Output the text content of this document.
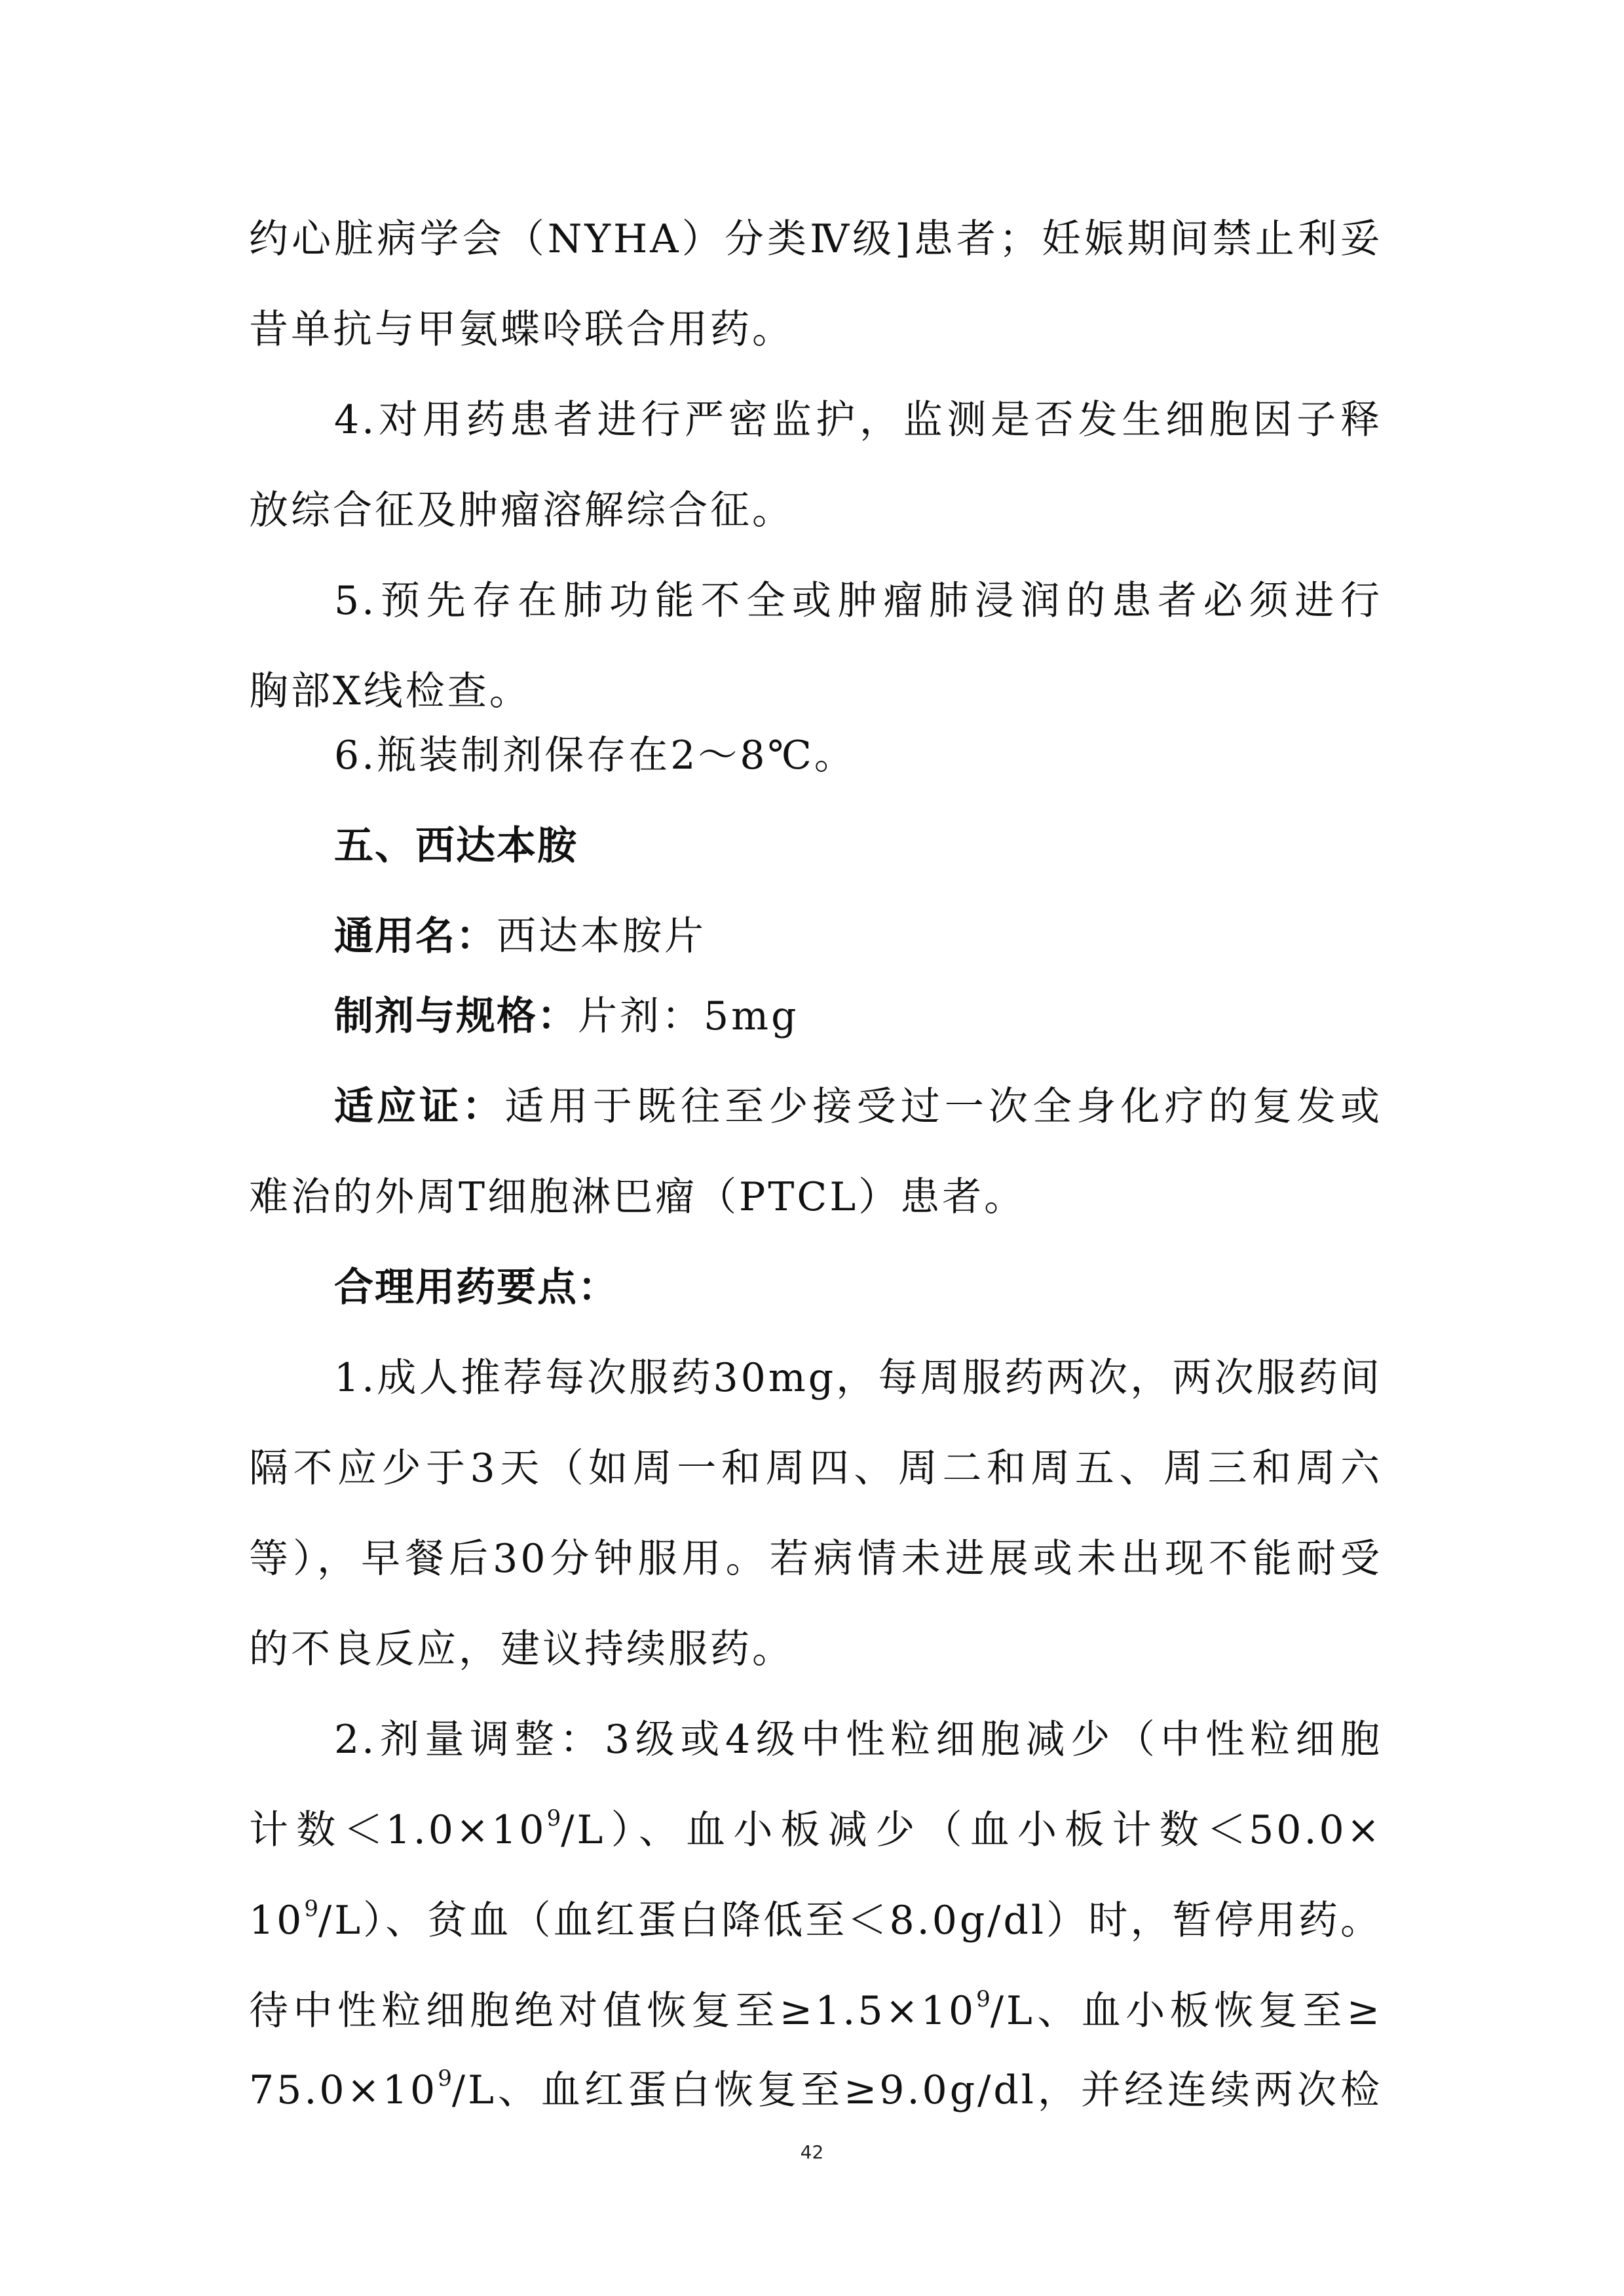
约心脏病学会（NYHA）分类Ⅳ级]患者；妊娠期间禁止利妥
昔单抗与甲氨蝶呤联合用药。
4.对用药患者进行严密监护，监测是否发生细胞因子释
放综合征及肿瘤溶解综合征。
5.预先存在肺功能不全或肿瘤肺浸润的患者必须进行
胸部X线检查。
6.瓶装制剂保存在2～8℃。
五、西达本胺
通用名：西达本胺片
制剂与规格：片剂：5mg
适应证：适用于既往至少接受过一次全身化疗的复发或
难治的外周T细胞淋巴瘤（PTCL）患者。
合理用药要点：
1.成人推荐每次服药30mg，每周服药两次，两次服药间
隔不应少于3天（如周一和周四、周二和周五、周三和周六
等），早餐后30分钟服用。若病情未进展或未出现不能耐受
的不良反应，建议持续服药。
2.剂量调整：3级或4级中性粒细胞减少（中性粒细胞
计数$<1.0\times 10^9/L$）、血小板减少（血小板计数＜50.0×
$10^9/L$）、贫血（血红蛋白降低至＜8.0g/dl）时，暂停用药。
待中性粒细胞绝对值恢复至$\ge 1.5\times 10^9/L$、血小板恢复至≥
$75.0\times 10^9/L$、血红蛋白恢复至≥9.0g/dl，并经连续两次检
42
